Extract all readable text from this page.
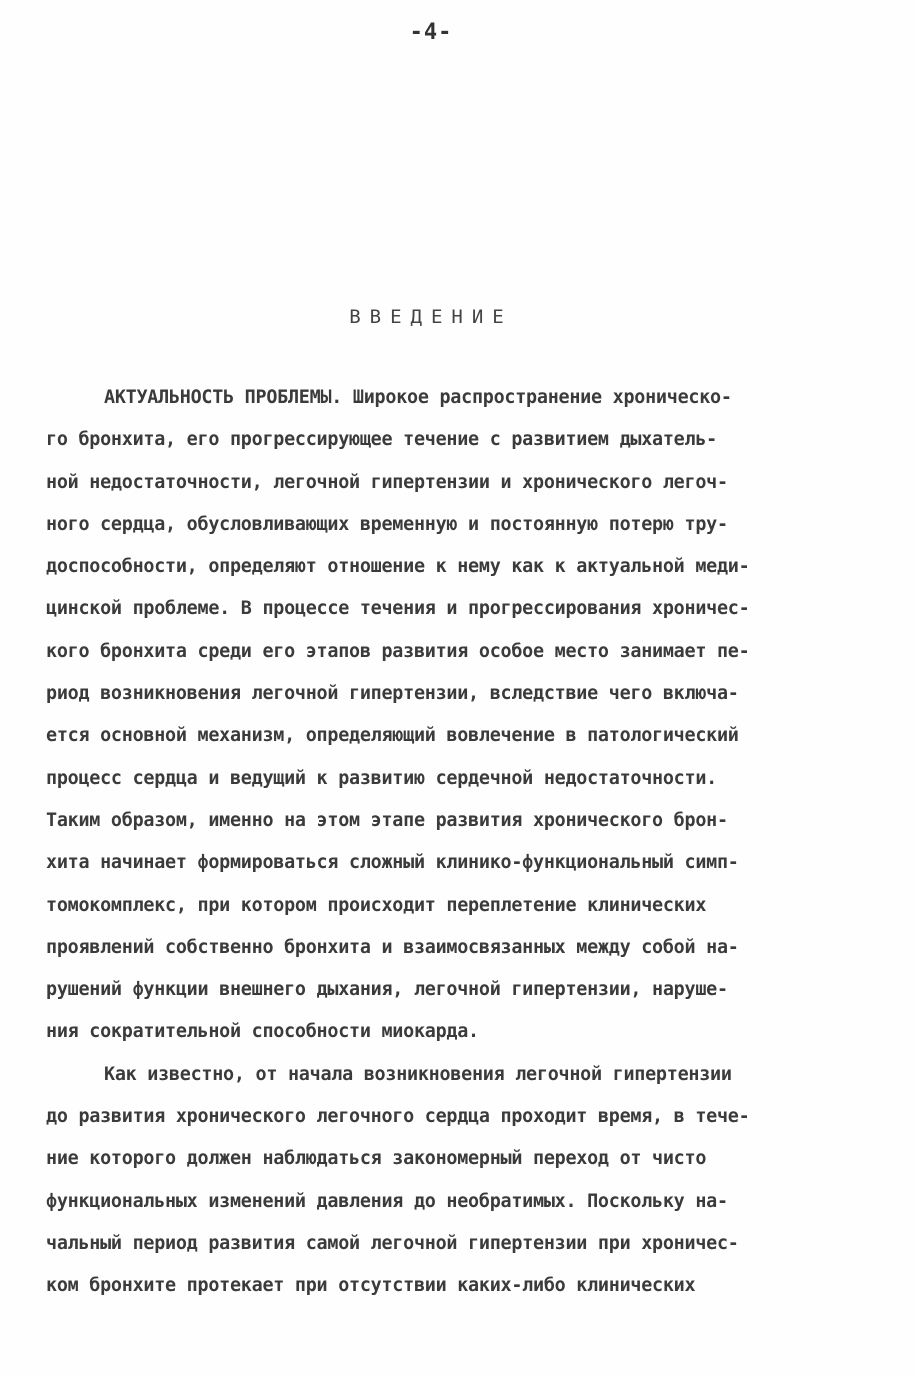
-4-
ВВЕДЕНИЕ
АКТУАЛЬНОСТЬ ПРОБЛЕМЫ. Широкое распространение хроническо-
го бронхита, его прогрессирующее течение с развитием дыхатель-
ной недостаточности, легочной гипертензии и хронического легоч-
ного сердца, обусловливающих временную и постоянную потерю тру-
доспособности, определяют отношение к нему как к актуальной меди-
цинской проблеме. В процессе течения и прогрессирования хроничес-
кого бронхита среди его этапов развития особое место занимает пе-
риод возникновения легочной гипертензии, вследствие чего включа-
ется основной механизм, определяющий вовлечение в патологический
процесс сердца и ведущий к развитию сердечной недостаточности.
Таким образом, именно на этом этапе развития хронического брон-
хита начинает формироваться сложный клинико-функциональный симп-
томокомплекс, при котором происходит переплетение клинических
проявлений собственно бронхита и взаимосвязанных между собой на-
рушений функции внешнего дыхания, легочной гипертензии, наруше-
ния сократительной способности миокарда.
Как известно, от начала возникновения легочной гипертензии
до развития хронического легочного сердца проходит время, в тече-
ние которого должен наблюдаться закономерный переход от чисто
функциональных изменений давления до необратимых. Поскольку на-
чальный период развития самой легочной гипертензии при хроничес-
ком бронхите протекает при отсутствии каких-либо клинических
